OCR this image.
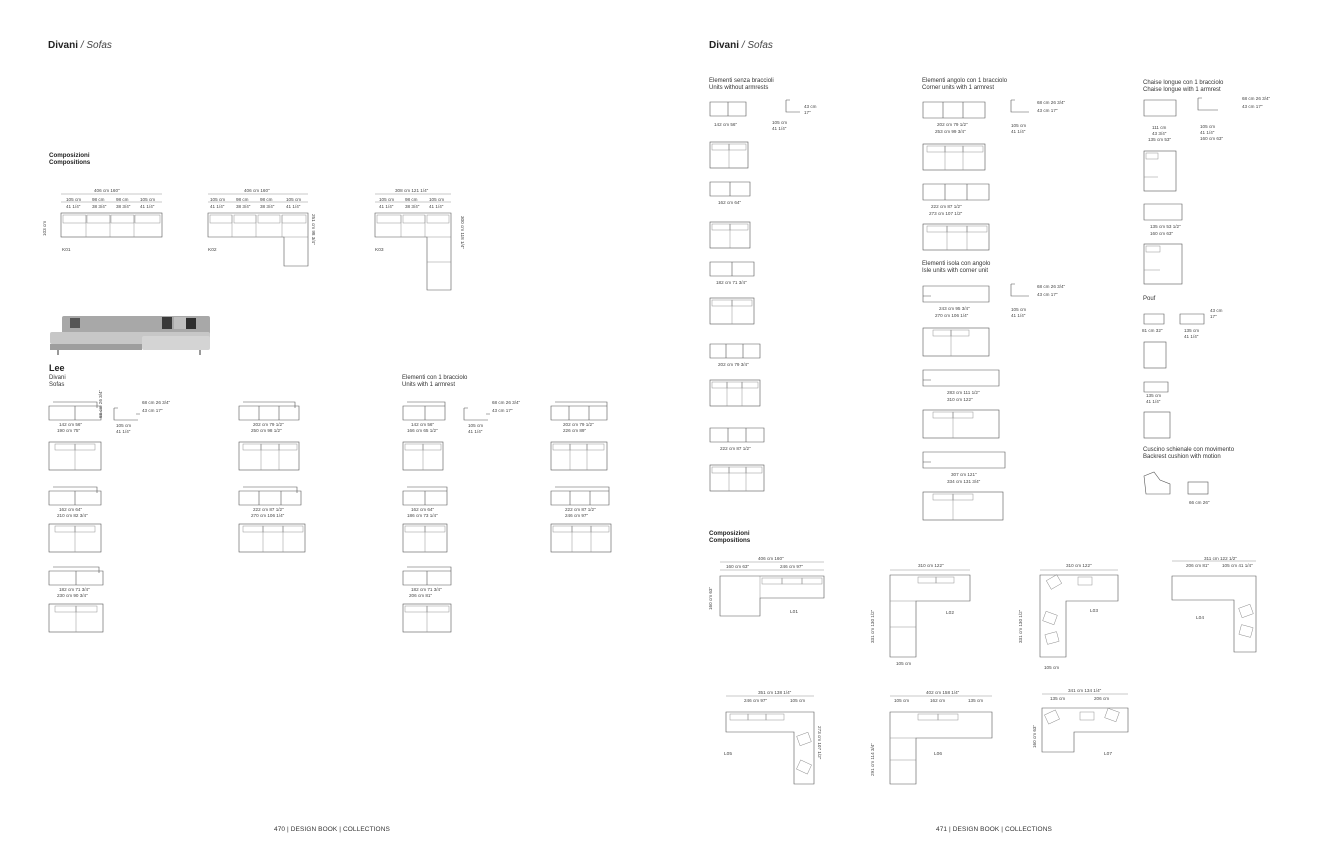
Divani / Sofas
Composizioni
Compositions
406 cm 160"
105 cm 98 cm 98 cm 105 cm
41 1/4"	38 3/4" 38 3/4" 41 1/4"
103 cm
K01
406 cm 160"
105 cm 98 cm 98 cm	105 cm
41 1/4"	38 3/4" 38 3/4"	41 1/4"
251 cm 98 3/4"
K02
308 cm 121 1/4"
105 cm 98 cm 105 cm
41 1/4"	38 3/4" 41 1/4"
300 cm 118 1/4"
K03
Lee
Divani
Sofas
Elementi con 1 bracciolo
Units with 1 armrest
142 cm 56"
190 cm 75"
68 cm 26 3/4"	68 cm 26 3/4"
43 cm 17"
105 cm
41 1/4"
162 cm 64"
210 cm 82 3/4"
182 cm 71 3/4"
230 cm 90 3/4"
202 cm 79 1/2"
250 cm 98 1/2"
222 cm 87 1/2"
270 cm 106 1/4"
142 cm 56"
166 cm 65 1/2"
68 cm 26 3/4"
43 cm 17"
105 cm
41 1/4"
162 cm 64"
186 cm 73 1/4"
182 cm 71 3/4"
206 cm 81"
202 cm 79 1/2"
226 cm 89"
222 cm 87 1/2"
246 cm 97"
470 | DESIGN BOOK | COLLECTIONS
Divani / Sofas
Elementi senza braccioli
Units without armrests
Elementi angolo con 1 bracciolo
Corner units with 1 armrest
Chaise longue con 1 bracciolo
Chaise longue with 1 armrest
142 cm 56"
43 cm
17"
105 cm
41 1/4"
162 cm 64"
182 cm 71 3/4"
202 cm 79 3/4"
222 cm 87 1/2"
202 cm 79 1/2"
253 cm 99 3/4"
68 cm 26 3/4"
43 cm 17"
105 cm
41 1/4"
222 cm 87 1/2"
273 cm 107 1/2"
Elementi isola con angolo
Isle units with corner unit
243 cm 95 3/4"
270 cm 106 1/4"
68 cm 26 3/4"
43 cm 17"
105 cm
41 1/4"
283 cm 111 1/2"
310 cm 122"
307 cm 121"
334 cm 131 3/4"
111 cm
43 3/4"
135 cm 53"
68 cm 26 3/4"
43 cm 17"
105 cm
41 1/4"
160 cm 63"
135 cm 53 1/2"
160 cm 63"
Pouf
81 cm 32"	135 cm
41 1/4"
43 cm
17"
135 cm
41 1/4"
Cuscino schienale con movimento
Backrest cushion with motion
66 cm 26"
Composizioni
Compositions
406 cm 160"
160 cm 63"	246 cm 97"
160 cm 63"
L01
310 cm 122"
331 cm 130 1/2"	L02
105 cm
310 cm 122"
331 cm 130 1/2"	L03
105 cm
311 cm 122 1/2"
206 cm 81"	105 cm 41 1/4"
L04
351 cm 138 1/4"
246 cm 97"	105 cm
273 cm 107 1/2"
L05
402 cm 158 1/4"
105 cm	162 cm	135 cm
291 cm 114 3/4"	L06
341 cm 134 1/4"
135 cm	206 cm
160 cm 63"
L07
471 | DESIGN BOOK | COLLECTIONS
